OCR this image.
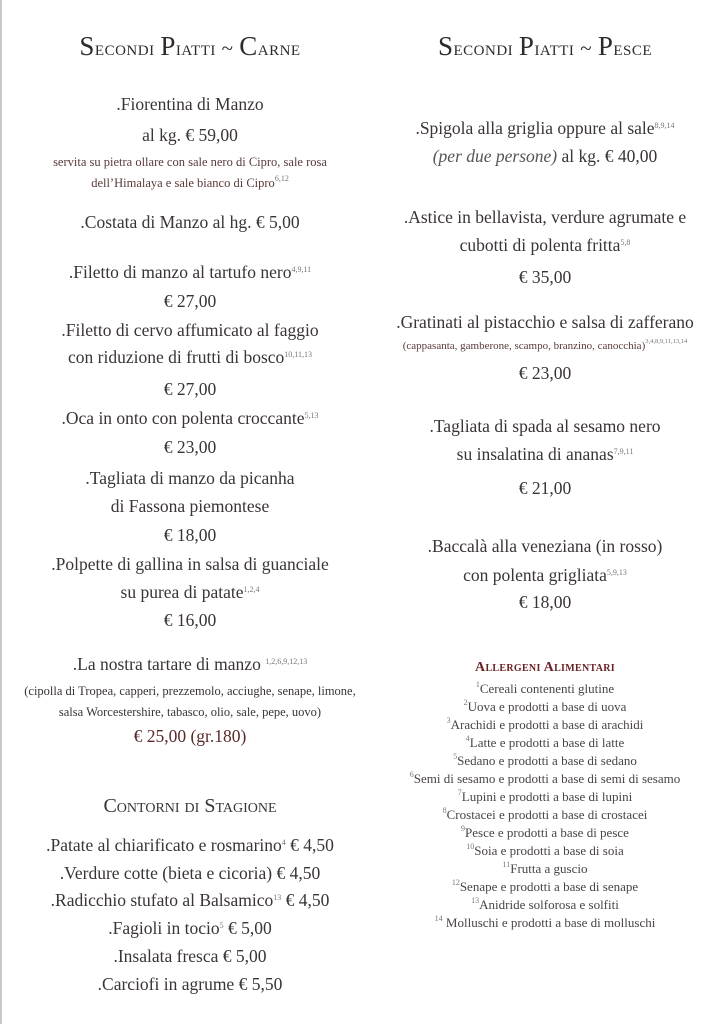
Secondi Piatti ~ Carne
.Fiorentina di Manzo
al kg. € 59,00
servita su pietra ollare con sale nero di Cipro, sale rosa
dell’Himalaya e sale bianco di Cipro$^{6,12}$
.Costata di Manzo al hg. € 5,00
.Filetto di manzo al tartufo nero$^{4,9,11}$
€ 27,00
.Filetto di cervo affumicato al faggio
con riduzione di frutti di bosco$^{10,11,13}$
€ 27,00
.Oca in onto con polenta croccante$^{5,13}$
€ 23,00
.Tagliata di manzo da picanha
di Fassona piemontese
€ 18,00
.Polpette di gallina in salsa di guanciale
su purea di patate$^{1,2,4}$
€ 16,00
.La nostra tartare di manzo $^{1,2,6,9,12,13}$
(cipolla di Tropea, capperi, prezzemolo, acciughe, senape, limone,
salsa Worcestershire, tabasco, olio, sale, pepe, uovo)
€ 25,00 (gr.180)
Contorni di Stagione
.Patate al chiarificato e rosmarino$^4$ € 4,50
.Verdure cotte (bieta e cicoria) € 4,50
.Radicchio stufato al Balsamico$^{13}$ € 4,50
.Fagioli in tocio$^5$ € 5,00
.Insalata fresca € 5,00
.Carciofi in agrume € 5,50
Secondi Piatti ~ Pesce
.Spigola alla griglia oppure al sale$^{8,9,14}$
(per due persone) al kg. € 40,00
.Astice in bellavista, verdure agrumate e
cubotti di polenta fritta$^{5,8}$
€ 35,00
.Gratinati al pistacchio e salsa di zafferano
(cappasanta, gamberone, scampo, branzino, canocchia)$^{3,4,8,9,11,13,14}$
€ 23,00
.Tagliata di spada al sesamo nero
su insalatina di ananas$^{7,9,11}$
€ 21,00
.Baccalà alla veneziana (in rosso)
con polenta grigliata$^{5,9,13}$
€ 18,00
Allergeni Alimentari
$^1$Cereali contenenti glutine
$^2$Uova e prodotti a base di uova
$^3$Arachidi e prodotti a base di arachidi
$^4$Latte e prodotti a base di latte
$^5$Sedano e prodotti a base di sedano
$^6$Semi di sesamo e prodotti a base di semi di sesamo
$^7$Lupini e prodotti a base di lupini
$^8$Crostacei e prodotti a base di crostacei
$^9$Pesce e prodotti a base di pesce
$^{10}$Soia e prodotti a base di soia
$^{11}$Frutta a guscio
$^{12}$Senape e prodotti a base di senape
$^{13}$Anidride solforosa e solfiti
$^{14}$ Molluschi e prodotti a base di molluschi
